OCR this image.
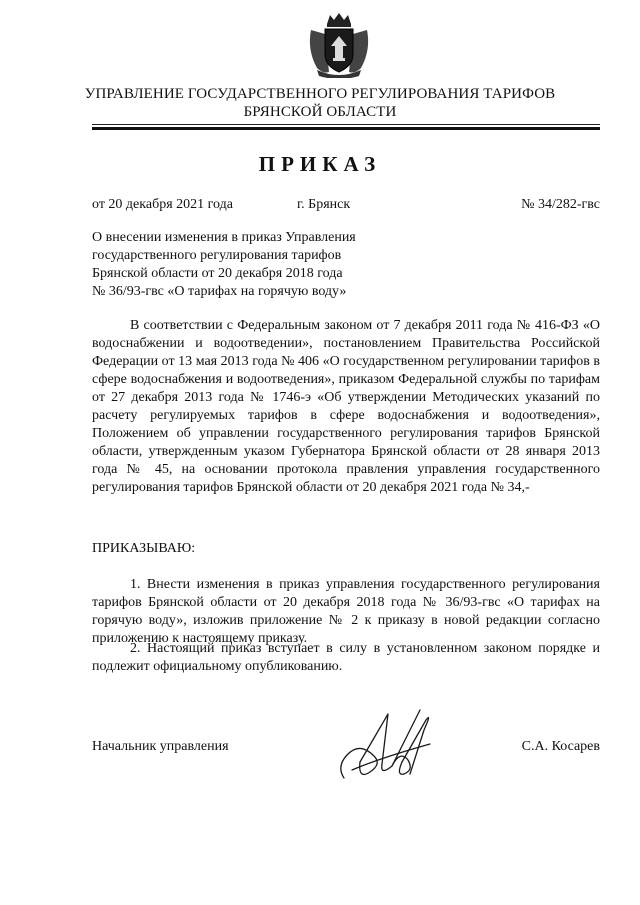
УПРАВЛЕНИЕ ГОСУДАРСТВЕННОГО РЕГУЛИРОВАНИЯ ТАРИФОВ
БРЯНСКОЙ ОБЛАСТИ
ПРИКАЗ
от 20 декабря 2021 года	г. Брянск	№ 34/282-гвс
О внесении изменения в приказ Управления
государственного регулирования тарифов
Брянской области от 20 декабря 2018 года
№ 36/93-гвс «О тарифах на горячую воду»
В соответствии с Федеральным законом от 7 декабря 2011 года № 416-ФЗ «О водоснабжении и водоотведении», постановлением Правительства Российской Федерации от 13 мая 2013 года № 406 «О государственном регулировании тарифов в сфере водоснабжения и водоотведения», приказом Федеральной службы по тарифам от 27 декабря 2013 года № 1746-э «Об утверждении Методических указаний по расчету регулируемых тарифов в сфере водоснабжения и водоотведения», Положением об управлении государственного регулирования тарифов Брянской области, утвержденным указом Губернатора Брянской области от 28 января 2013 года № 45, на основании протокола правления управления государственного регулирования тарифов Брянской области от 20 декабря 2021 года № 34,-
ПРИКАЗЫВАЮ:
1. Внести изменения в приказ управления государственного регулирования тарифов Брянской области от 20 декабря 2018 года № 36/93-гвс «О тарифах на горячую воду», изложив приложение № 2 к приказу в новой редакции согласно приложению к настоящему приказу.
2. Настоящий приказ вступает в силу в установленном законом порядке и подлежит официальному опубликованию.
Начальник управления	С.А. Косарев
